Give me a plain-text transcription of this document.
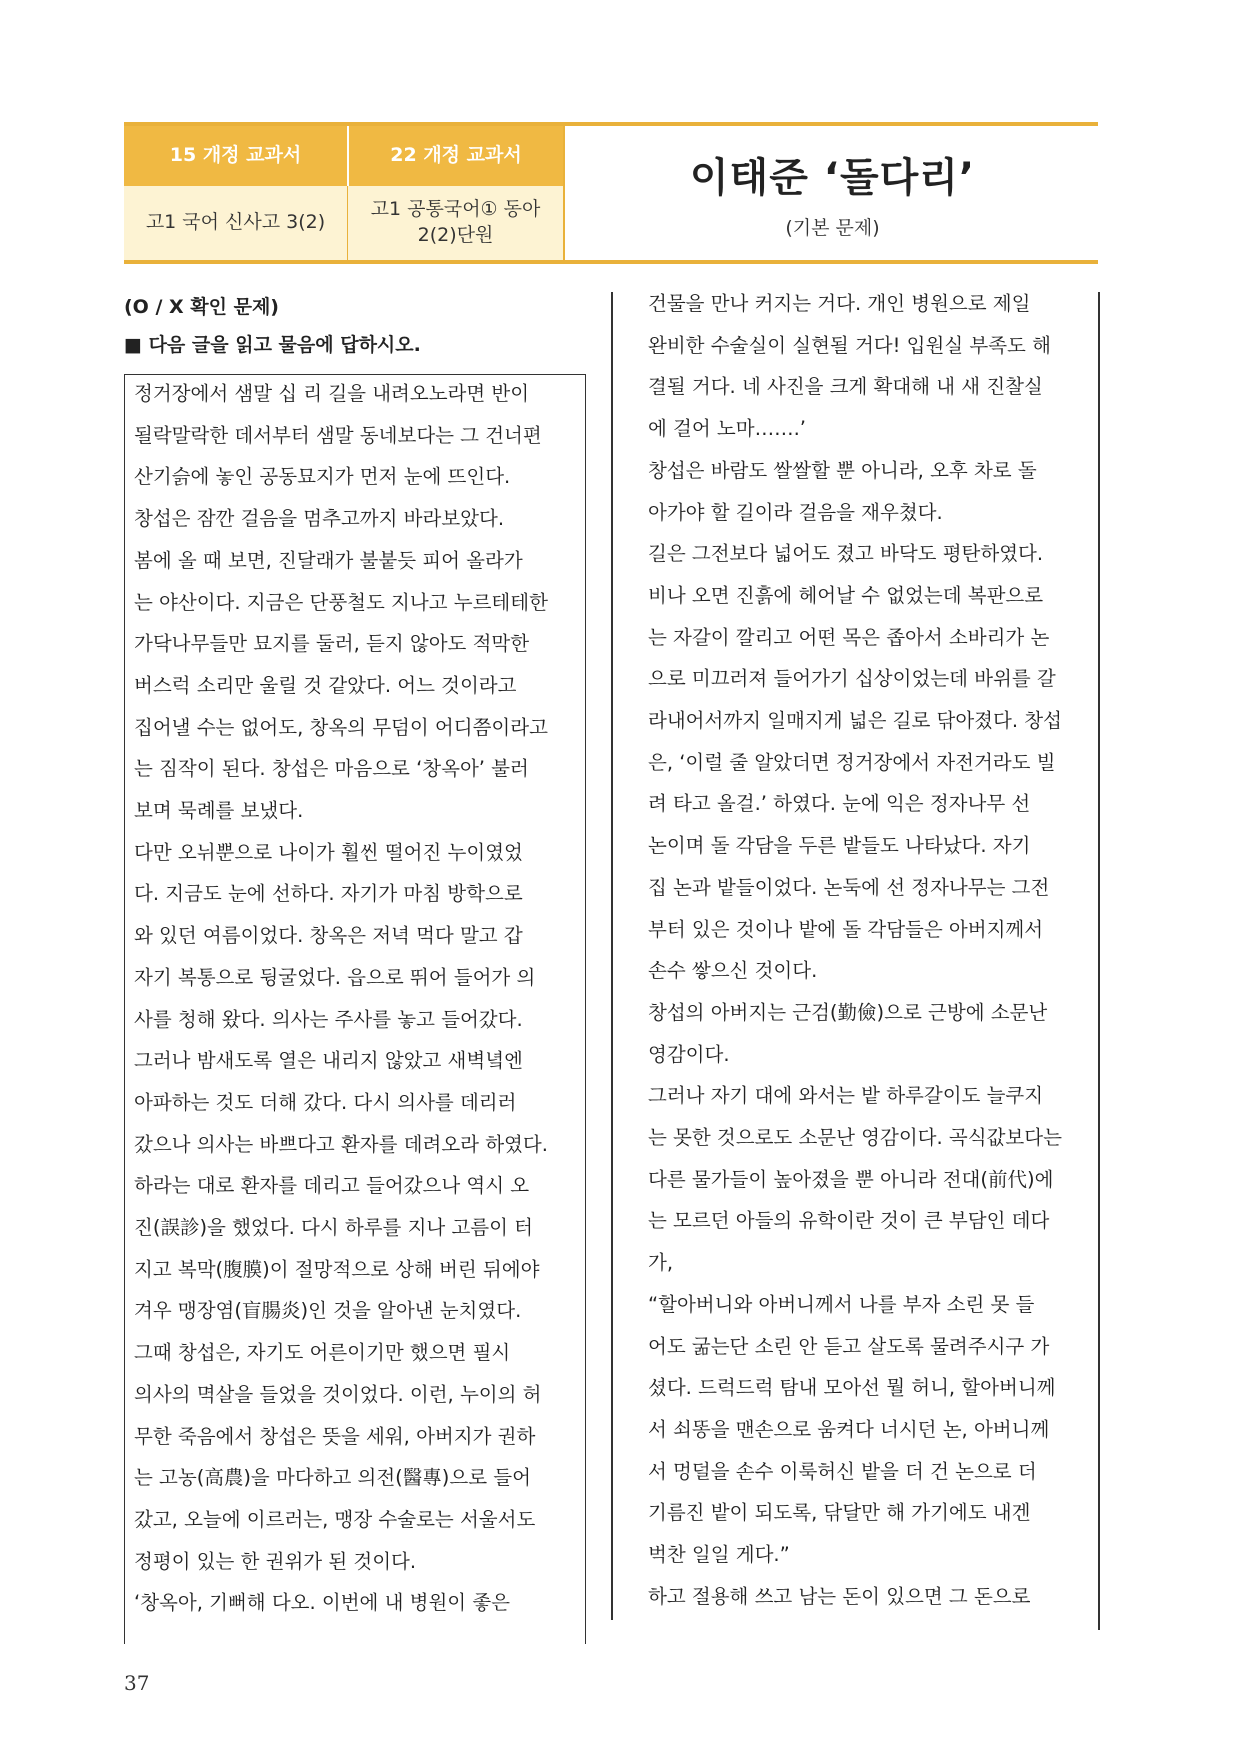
15 개정 교과서	22 개정 교과서
고1 국어 신사고 3(2)
고1 공통국어① 동아
2(2)단원
이태준 ‘돌다리’
(기본 문제)
(O / X 확인 문제)
■ 다음 글을 읽고 물음에 답하시오.
정거장에서 샘말 십 리 길을 내려오노라면 반이
될락말락한 데서부터 샘말 동네보다는 그 건너편
산기슭에 놓인 공동묘지가 먼저 눈에 뜨인다.
창섭은 잠깐 걸음을 멈추고까지 바라보았다.
봄에 올 때 보면, 진달래가 불붙듯 피어 올라가
는 야산이다. 지금은 단풍철도 지나고 누르테테한
가닥나무들만 묘지를 둘러, 듣지 않아도 적막한
버스럭 소리만 울릴 것 같았다. 어느 것이라고
집어낼 수는 없어도, 창옥의 무덤이 어디쯤이라고
는 짐작이 된다. 창섭은 마음으로 ‘창옥아’ 불러
보며 묵례를 보냈다.
다만 오뉘뿐으로 나이가 훨씬 떨어진 누이였었
다. 지금도 눈에 선하다. 자기가 마침 방학으로
와 있던 여름이었다. 창옥은 저녁 먹다 말고 갑
자기 복통으로 뒹굴었다. 읍으로 뛰어 들어가 의
사를 청해 왔다. 의사는 주사를 놓고 들어갔다.
그러나 밤새도록 열은 내리지 않았고 새벽녘엔
아파하는 것도 더해 갔다. 다시 의사를 데리러
갔으나 의사는 바쁘다고 환자를 데려오라 하였다.
하라는 대로 환자를 데리고 들어갔으나 역시 오
진(誤診)을 했었다. 다시 하루를 지나 고름이 터
지고 복막(腹膜)이 절망적으로 상해 버린 뒤에야
겨우 맹장염(盲腸炎)인 것을 알아낸 눈치였다.
그때 창섭은, 자기도 어른이기만 했으면 필시
의사의 멱살을 들었을 것이었다. 이런, 누이의 허
무한 죽음에서 창섭은 뜻을 세워, 아버지가 권하
는 고농(高農)을 마다하고 의전(醫專)으로 들어
갔고, 오늘에 이르러는, 맹장 수술로는 서울서도
정평이 있는 한 권위가 된 것이다.
‘창옥아, 기뻐해 다오. 이번에 내 병원이 좋은
건물을 만나 커지는 거다. 개인 병원으로 제일
완비한 수술실이 실현될 거다! 입원실 부족도 해
결될 거다. 네 사진을 크게 확대해 내 새 진찰실
에 걸어 노마…….’
창섭은 바람도 쌀쌀할 뿐 아니라, 오후 차로 돌
아가야 할 길이라 걸음을 재우쳤다.
길은 그전보다 넓어도 졌고 바닥도 평탄하였다.
비나 오면 진흙에 헤어날 수 없었는데 복판으로
는 자갈이 깔리고 어떤 목은 좁아서 소바리가 논
으로 미끄러져 들어가기 십상이었는데 바위를 갈
라내어서까지 일매지게 넓은 길로 닦아졌다. 창섭
은, ‘이럴 줄 알았더면 정거장에서 자전거라도 빌
려 타고 올걸.’ 하였다. 눈에 익은 정자나무 선
논이며 돌 각담을 두른 밭들도 나타났다. 자기
집 논과 밭들이었다. 논둑에 선 정자나무는 그전
부터 있은 것이나 밭에 돌 각담들은 아버지께서
손수 쌓으신 것이다.
창섭의 아버지는 근검(勤儉)으로 근방에 소문난
영감이다.
그러나 자기 대에 와서는 밭 하루갈이도 늘쿠지
는 못한 것으로도 소문난 영감이다. 곡식값보다는
다른 물가들이 높아졌을 뿐 아니라 전대(前代)에
는 모르던 아들의 유학이란 것이 큰 부담인 데다
가,
“할아버니와 아버니께서 나를 부자 소린 못 들
어도 굶는단 소린 안 듣고 살도록 물려주시구 가
셨다. 드럭드럭 탐내 모아선 뭘 허니, 할아버니께
서 쇠똥을 맨손으로 움켜다 너시던 논, 아버니께
서 멍덜을 손수 이룩허신 밭을 더 건 논으로 더
기름진 밭이 되도록, 닦달만 해 가기에도 내겐
벅찬 일일 게다.”
하고 절용해 쓰고 남는 돈이 있으면 그 돈으로
37
